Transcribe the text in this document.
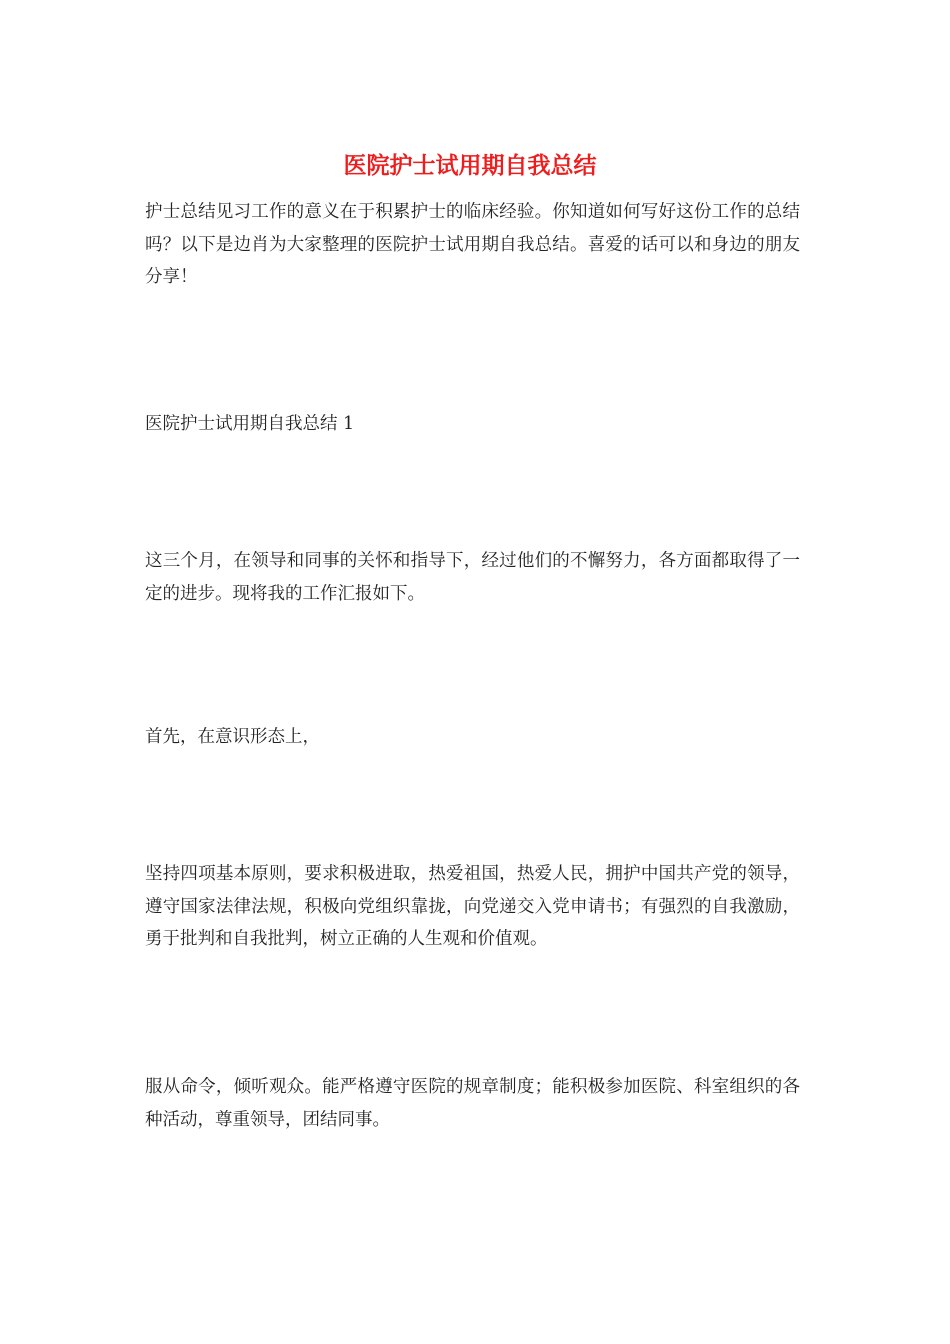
医院护士试用期自我总结

护士总结见习工作的意义在于积累护士的临床经验。你知道如何写好这份工作的总结吗？以下是边肖为大家整理的医院护士试用期自我总结。喜爱的话可以和身边的朋友分享！

医院护士试用期自我总结 1

这三个月，在领导和同事的关怀和指导下，经过他们的不懈努力，各方面都取得了一定的进步。现将我的工作汇报如下。

首先，在意识形态上，

坚持四项基本原则，要求积极进取，热爱祖国，热爱人民，拥护中国共产党的领导，遵守国家法律法规，积极向党组织靠拢，向党递交入党申请书；有强烈的自我激励，勇于批判和自我批判，树立正确的人生观和价值观。

服从命令，倾听观众。能严格遵守医院的规章制度；能积极参加医院、科室组织的各种活动，尊重领导，团结同事。
